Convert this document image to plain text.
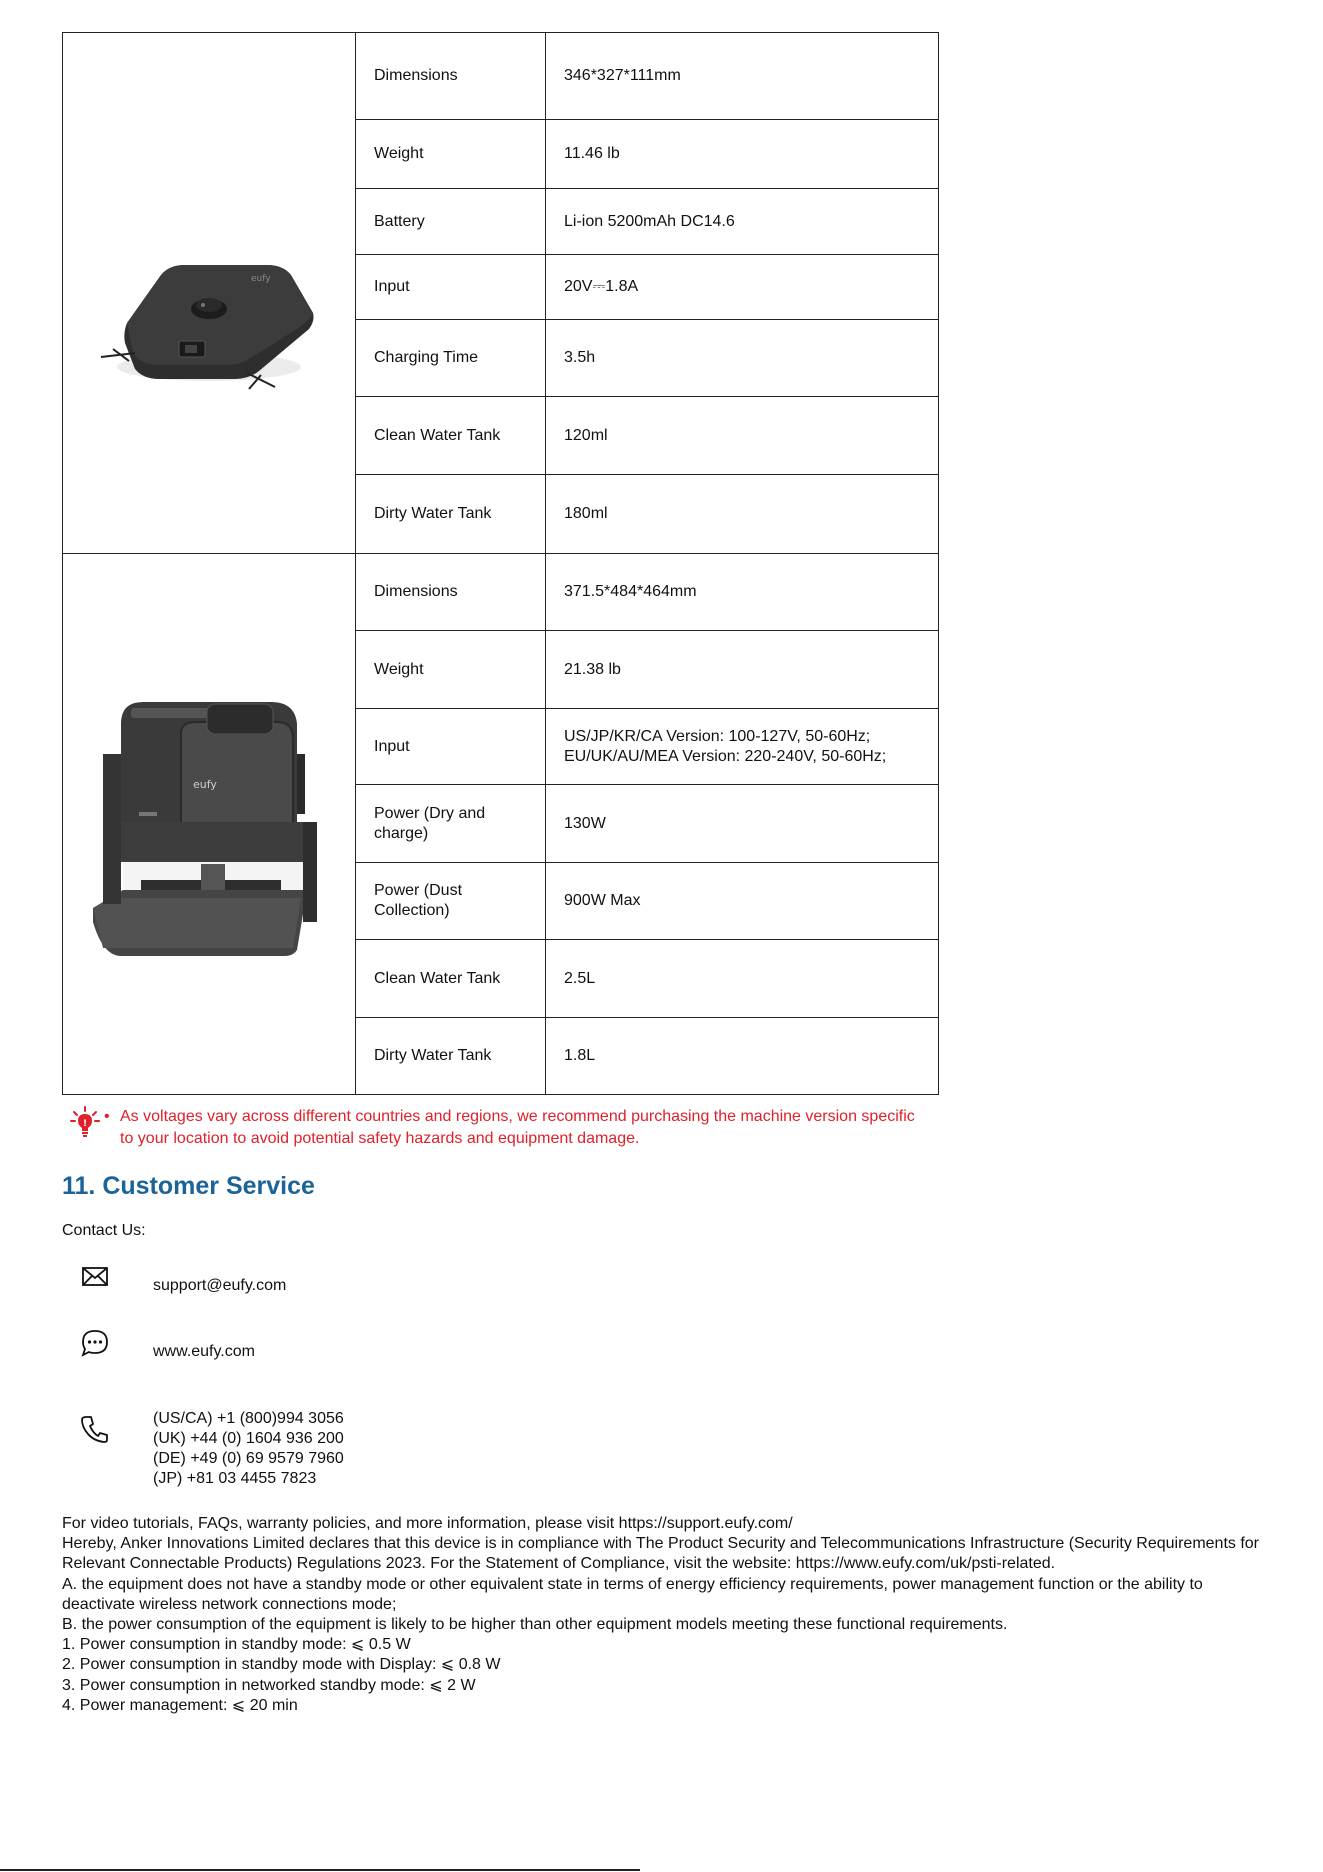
eufy	Dimensions	346*327*111mm
	Weight	11.46 lb
	Battery	Li-ion 5200mAh DC14.6
	Input	20V⎓1.8A
	Charging Time	3.5h
	Clean Water Tank	120ml
	Dirty Water Tank	180ml

eufy	Dimensions	371.5*484*464mm
	Weight	21.38 lb
	Input	US/JP/KR/CA Version: 100-127V, 50-60Hz;
EU/UK/AU/MEA Version: 220-240V, 50-60Hz;
	Power (Dry and charge)	130W
	Power (Dust Collection)	900W Max
	Clean Water Tank	2.5L
	Dirty Water Tank	1.8L
! • As voltages vary across different countries and regions, we recommend purchasing the machine version specific to your location to avoid potential safety hazards and equipment damage.
11. Customer Service
Contact Us:
support@eufy.com
www.eufy.com
(US/CA) +1 (800)994 3056
(UK) +44 (0) 1604 936 200
(DE) +49 (0) 69 9579 7960
(JP) +81 03 4455 7823

For video tutorials, FAQs, warranty policies, and more information, please visit https://support.eufy.com/

Hereby, Anker Innovations Limited declares that this device is in compliance with The Product Security and Telecommunications Infrastructure (Security Requirements for Relevant Connectable Products) Regulations 2023. For the Statement of Compliance, visit the website: https://www.eufy.com/uk/psti-related.

A. the equipment does not have a standby mode or other equivalent state in terms of energy efficiency requirements, power management function or the ability to deactivate wireless network connections mode;

B. the power consumption of the equipment is likely to be higher than other equipment models meeting these functional requirements.

1. Power consumption in standby mode: ⩽ 0.5 W

2. Power consumption in standby mode with Display: ⩽ 0.8 W

3. Power consumption in networked standby mode: ⩽ 2 W

4. Power management: ⩽ 20 min
